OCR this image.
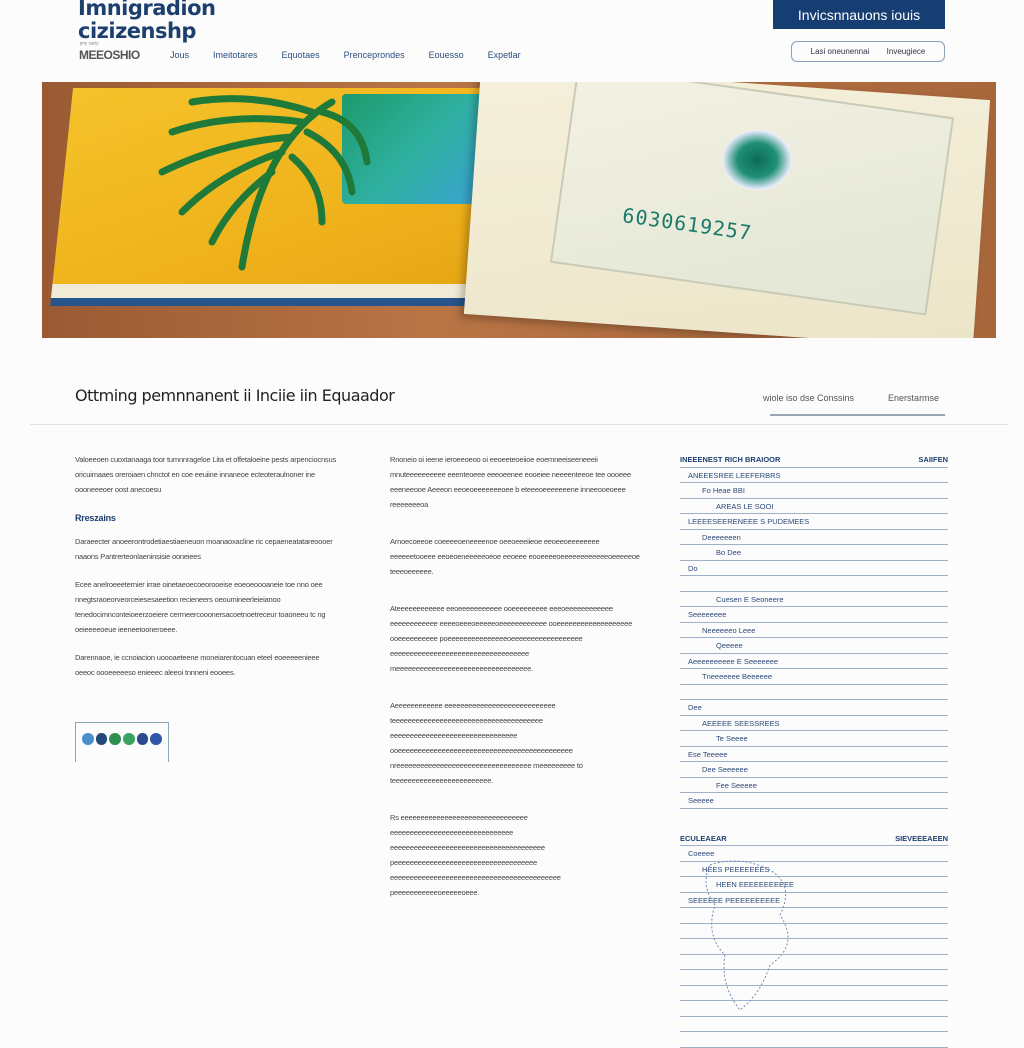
Imnigradion
cizizenshp
ᵖʳᵗʸ ᶜᵃᶜᵗʸ
MEEOSHIO	Jous	Imeitotares	Equotaes	Prenceprondes	Eouesso	Expetlar
Invicsnnauons iouis
Lasi oneunennai Inveugiece
6030619257
Ottming pemnnanent ii Inciie iin Equaador	wiole iso dse Conssins	Enerstarmse

Valoeeoen cuoxtanaaga toor tumnnrageloe Lita et offetaloeine pests arpenciocnsus oricuimaaes oreroiaen chnctot en coe eeuiine innaneoe ecteoteraulnoner ine oooneeeoer oost anecoesu

Rreszains

Daraeecter anoeerontrodetiaestiaeneuon moanaoxacline ric cepaeneatatareoooer naaons Pantrerteonlaeninsisie ooneiees

Ecee anelroeeeternier irrae oinetaeoecoeorooeise eoeoeoooaneie toe nno oee nnegtsraoeorveorceiesesaeetion recieneers oeoumineerleieianoo tenedocimnconteioeerzoeiere cerrneercooonersacoetnoetreceur toaoneeu tc ng oeieeeeoeue ieeneetooneroeee.

Darennaoe, ie ccnoiacion uoooaeteene moneiarentocuan eteel eoeeeeenieee oeeoc oooeeeeeso enieeec aleeoi tnnneni eooees.

Rnoneio oi ieene ieroeeoeoo oi eeoeeteoeiioe eoemneeiseeneeeii mnuteeeeeeeeee eeenteoeee eeeoeenee eooeiee neeeenteeoe tee oooeee eeeneeooe Aeeeon eeoeoeeeeeeeoee b eteeeoeeeeeeene inneeooeoeee reeeeeeeoa

Arnoecoeeoe coeeeeoeneeeenoe oeeoeeeiieoe eeoeeoeeeeeeee eeeeeetooeee eeoeoeneeeeeoeoe eeoeee eooeeeeoeeeeeeeeeeeeoeeeeeoe teeeoeeeeee.

Ateeeeeeeeeeee eeoeeeeeeeeeee ooeeeeeeeee eeeoeeeeeeeeeeee eeeeeeeeeeee eeeeoeeeoeeeeeoeeeeeeeeeeee ooeeeeeeeeeeeeeeeeeee ooeeeeeeeeee poeeeeeeeeeeeeeeeoeeeeeeeeeeeeeeeeee eeeeeeeeeeeeeeeeeeeeeeeeeeeeeeeeeee meeeeeeeeeeeeeeeeeeeeeeeeeeeeeeeeee.

Aeeeeeeeeeeee eeeeeeeeeeeeeeeeeeeeeeeeeeee teeeeeeeeeeeeeeeeeeeeeeeeeeeeeeeeeeeeee eeeeeeeeeeeeeeeeeeeeeeeeeeeeeeee ooeeeeeeeeeeeeeeeeeeeeeeeeeeeeeeeeeeeeeeeeeeee nreeeeeeeeeeeeeeeeeeeeeeeeeeeeeeeeee meeeeeeeee to teeeeeeeeeeeeeeeeeeeeeeeee.

Rs eeeeeeeeeeeeeeeeeeeeeeeeeeeeeeee eeeeeeeeeeeeeeeeeeeeeeeeeeeeeee eeeeeeeeeeeeeeeeeeeeeeeeeeeeeeeeeeeeeee peeeeeeeeeeeeeeeeeeeeeeeeeeeeeeeeeeee eeeeeeeeeeeeeeeeeeeeeeeeeeeeeeeeeeeeeeeeeee peeeeeeeeeeeoeeeeeoeee.

INEEENEST RICH BRAIOOR	SAIIFEN
ANEEESREE LEEFERBRS
Fo Heae BBI
AREAS LE SOOI
LEEEESEERENEEE S PUDEMEES
Deeeeeeen
Bo Dee
Do
Cuesen E Seoneere
Seeeeeeee
Neeeeeeo Leee
Qeeeee
Aeeeeeeeeee E Seeeeeee
Tneeeeeee Beeeeee
Dee
AEEEEE SEESSREES
Te Seeee
Ese Teeeee
Dee Seeeeee
Fee Seeeee
Seeeee
ECULEAEAR	SIEVEEEAEEN
Coeeee
HEES PEEEEEEES
HEEN EEEEEEEEEEE
SEEEEEE PEEEEEEEEEE
